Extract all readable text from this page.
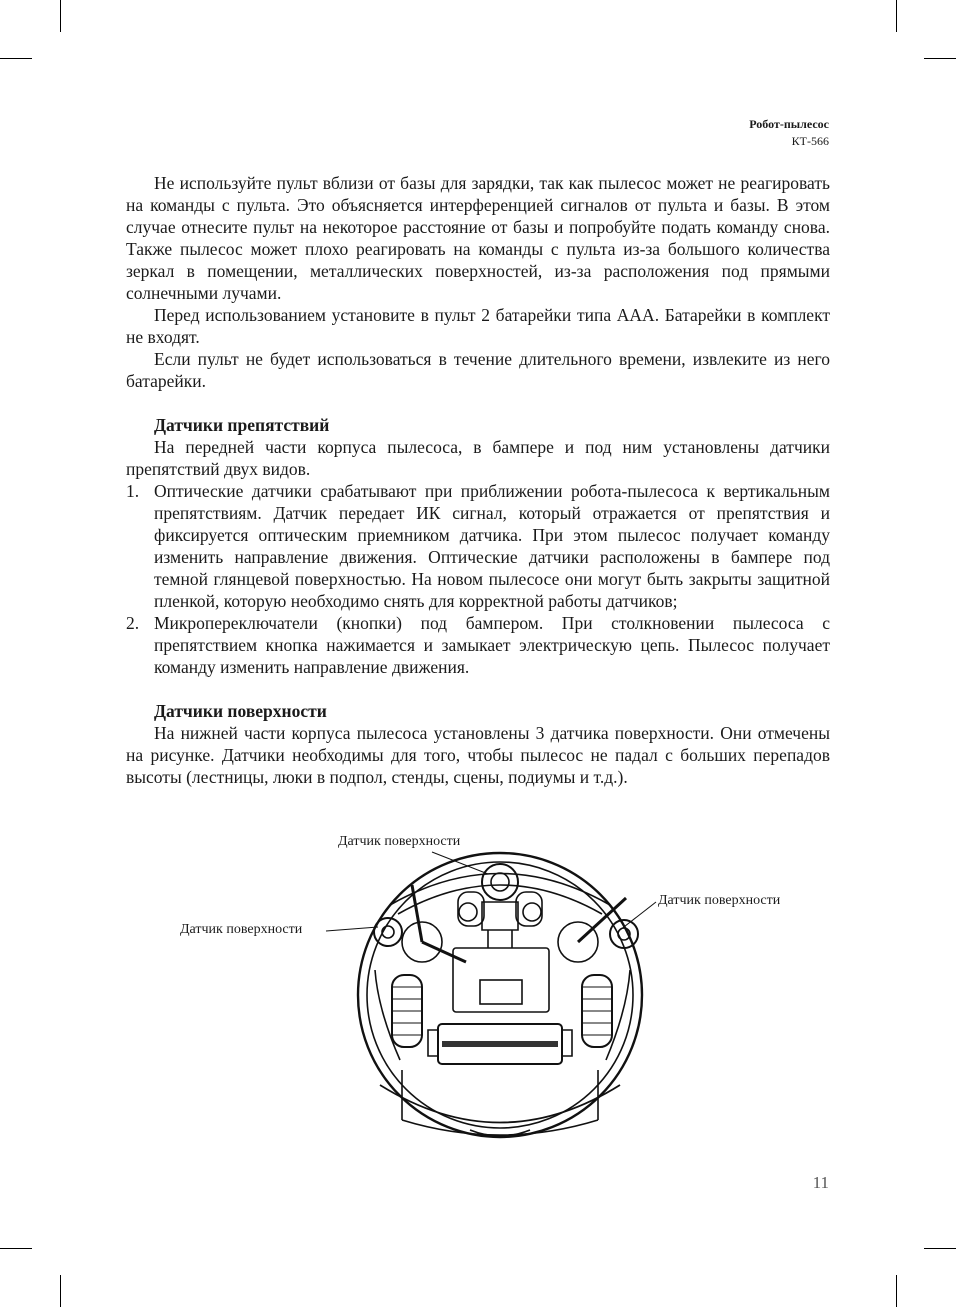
Робот-пылесос
КТ-566

Не используйте пульт вблизи от базы для зарядки, так как пылесос может не реагировать на команды с пульта. Это объясняется интерференцией сигналов от пульта и базы. В этом случае отнесите пульт на некоторое расстояние от базы и попробуйте подать команду снова. Также пылесос может плохо реагировать на команды с пульта из-за большого количества зеркал в помещении, металлических поверхностей, из-за расположения под прямыми солнечными лучами.

Перед использованием установите в пульт 2 батарейки типа ААА. Батарейки в комплект не входят.

Если пульт не будет использоваться в течение длительного времени, извлеките из него батарейки.

Датчики препятствий

На передней части корпуса пылесоса, в бампере и под ним установлены датчики препятствий двух видов.

1. Оптические датчики срабатывают при приближении робота-пылесоса к вертикальным препятствиям. Датчик передает ИК сигнал, который отражается от препятствия и фиксируется оптическим приемником датчика. При этом пылесос получает команду изменить направление движения. Оптические датчики расположены в бампере под темной глянцевой поверхностью. На новом пылесосе они могут быть закрыты защитной пленкой, которую необходимо снять для корректной работы датчиков;
2. Микропереключатели (кнопки) под бампером. При столкновении пылесоса с препятствием кнопка нажимается и замыкает электрическую цепь. Пылесос получает команду изменить направление движения.
Датчики поверхности

На нижней части корпуса пылесоса установлены 3 датчика поверхности. Они отмечены на рисунке. Датчики необходимы для того, чтобы пылесос не падал с больших перепадов высоты (лестницы, люки в подпол, стенды, сцены, подиумы и т.д.).

Датчик поверхности
Датчик поверхности
Датчик поверхности
11
